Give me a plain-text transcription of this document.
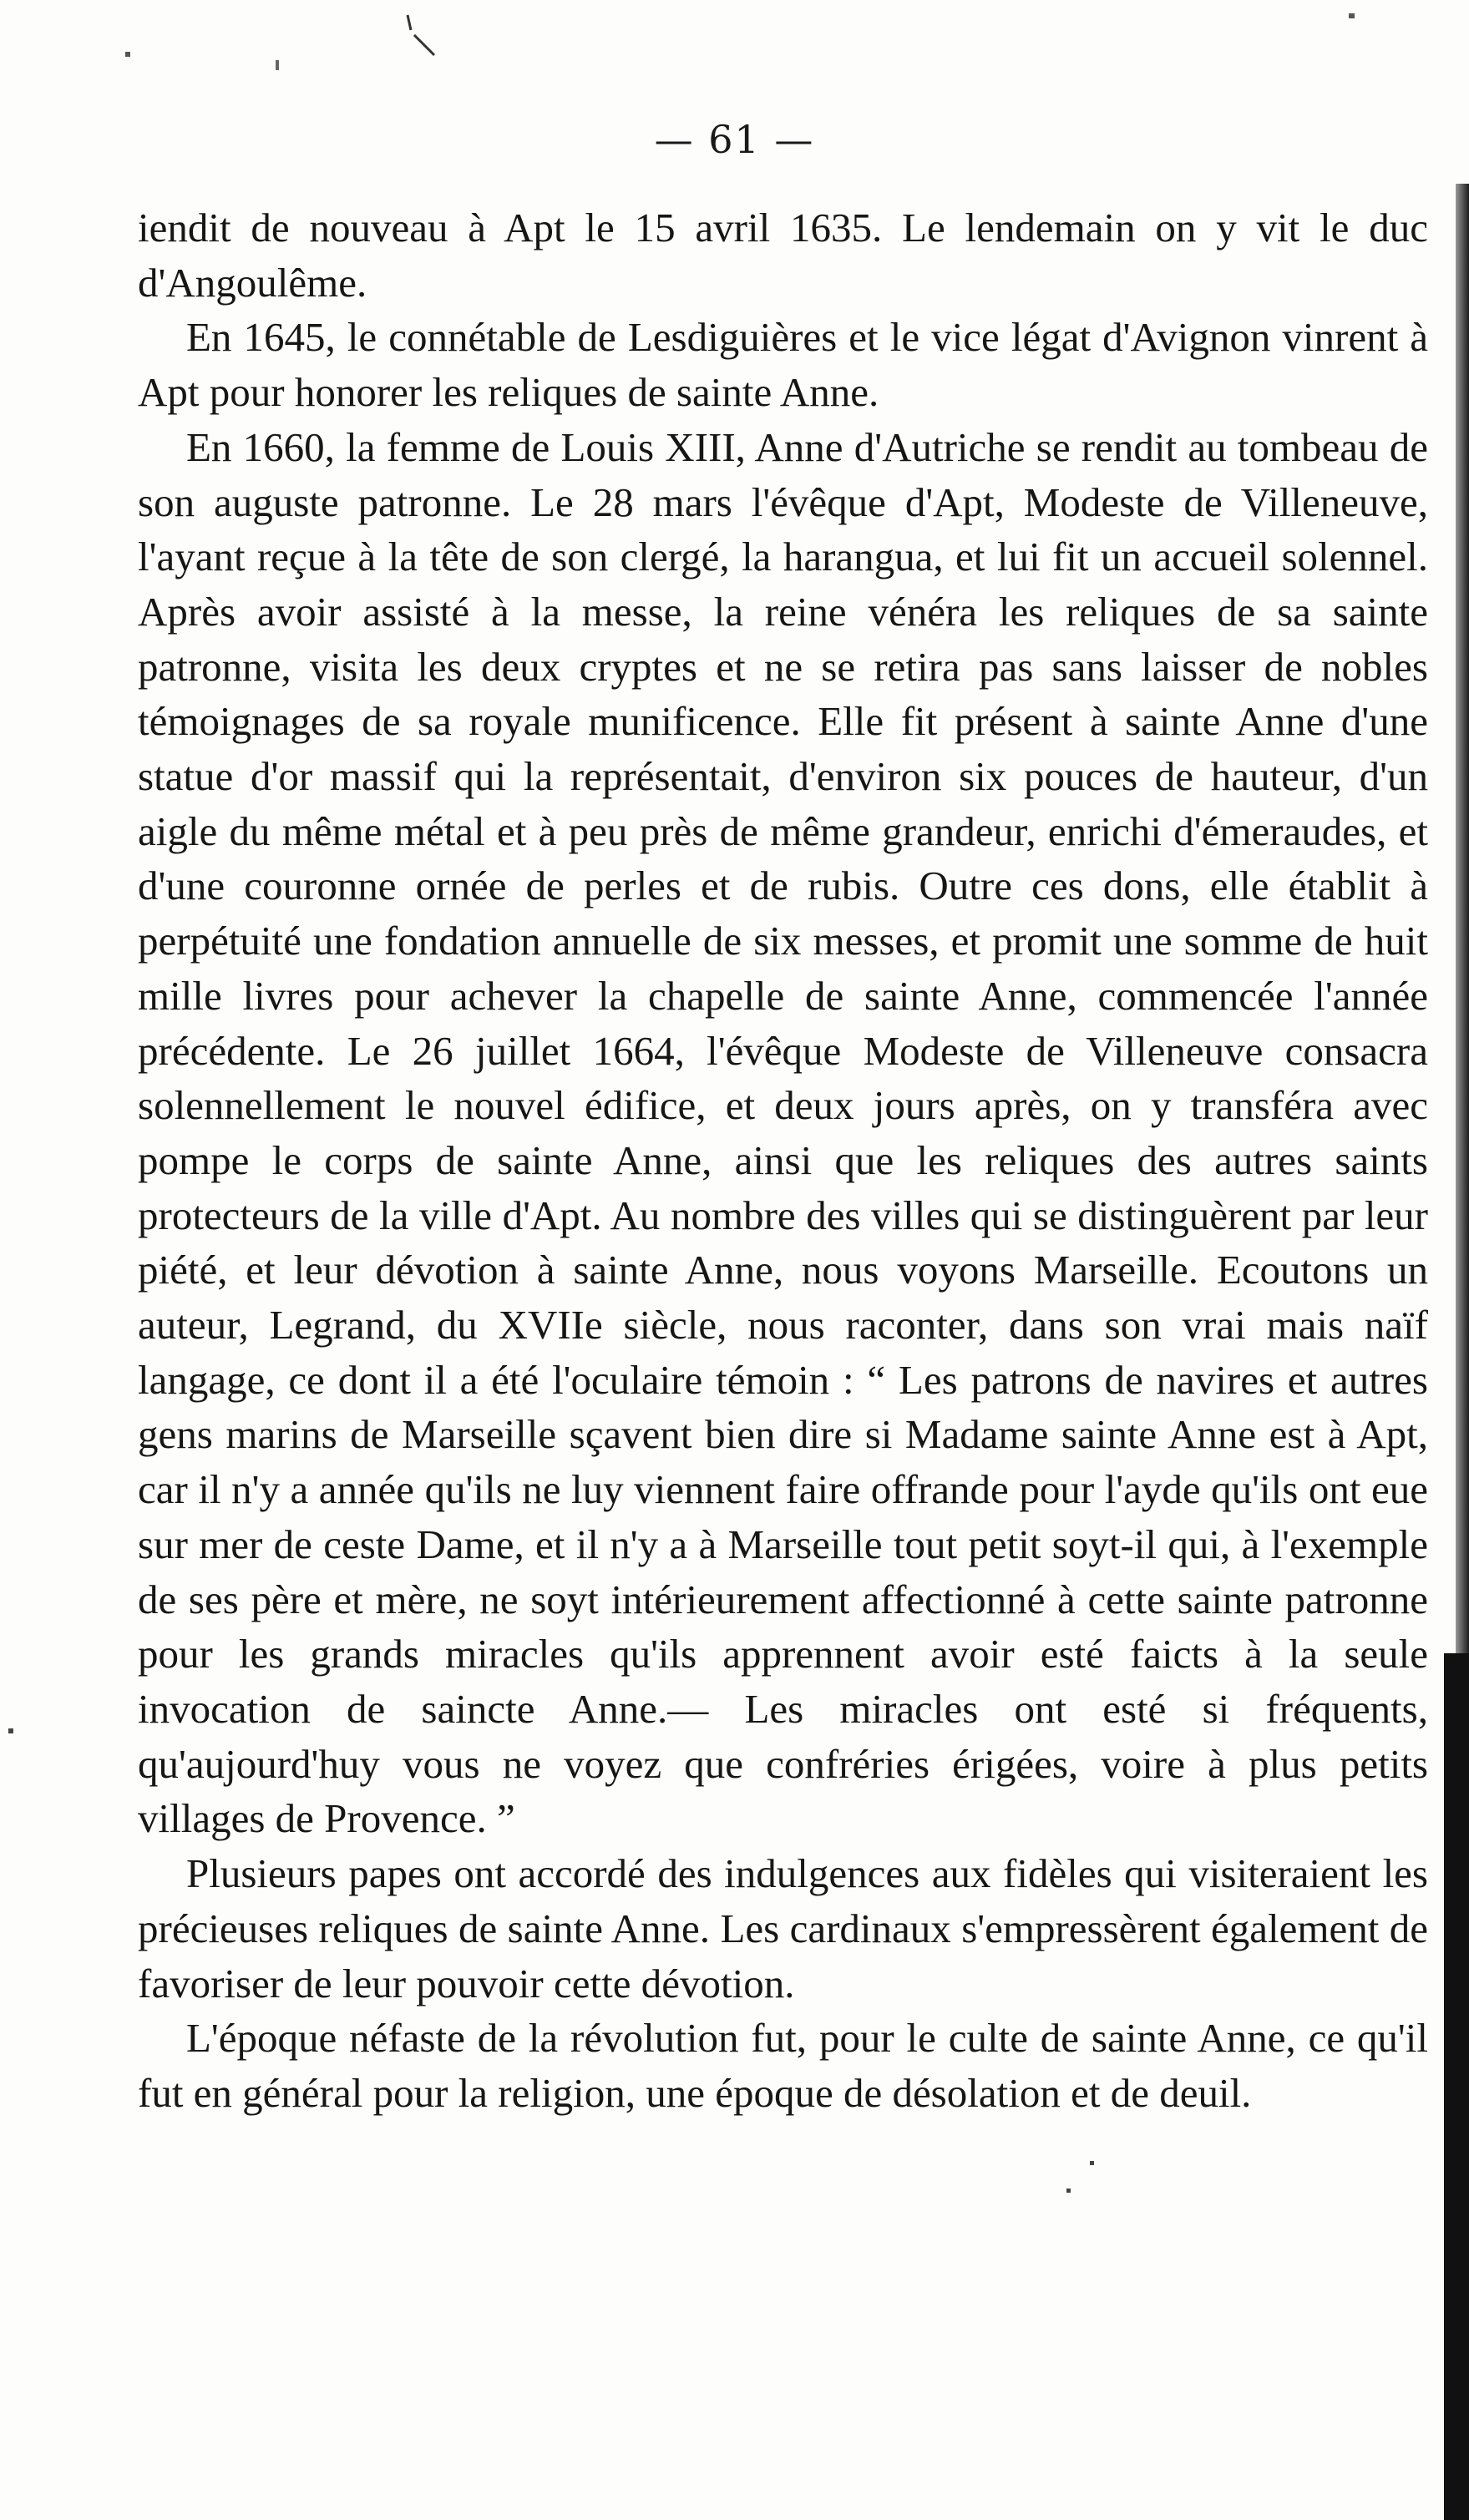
— 61 —

iendit de nouveau à Apt le 15 avril 1635. Le lendemain on y vit le duc d'Angoulême.

En 1645, le connétable de Lesdiguières et le vice légat d'Avignon vinrent à Apt pour honorer les reliques de sainte Anne.

En 1660, la femme de Louis XIII, Anne d'Autriche se rendit au tombeau de son auguste patronne. Le 28 mars l'évêque d'Apt, Modeste de Villeneuve, l'ayant reçue à la tête de son clergé, la harangua, et lui fit un accueil solennel. Après avoir assisté à la messe, la reine vénéra les reliques de sa sainte patronne, visita les deux cryptes et ne se retira pas sans laisser de nobles témoignages de sa royale munificence. Elle fit présent à sainte Anne d'une statue d'or massif qui la représentait, d'environ six pouces de hauteur, d'un aigle du même métal et à peu près de même grandeur, enrichi d'émeraudes, et d'une couronne ornée de perles et de rubis. Outre ces dons, elle établit à perpétuité une fondation annuelle de six messes, et promit une somme de huit mille livres pour achever la chapelle de sainte Anne, commencée l'année précédente. Le 26 juillet 1664, l'évêque Modeste de Villeneuve consacra solennellement le nouvel édifice, et deux jours après, on y transféra avec pompe le corps de sainte Anne, ainsi que les reliques des autres saints protecteurs de la ville d'Apt. Au nombre des villes qui se distinguèrent par leur piété, et leur dévotion à sainte Anne, nous voyons Marseille. Ecoutons un auteur, Legrand, du XVIIe siècle, nous raconter, dans son vrai mais naïf langage, ce dont il a été l'oculaire témoin : “ Les patrons de navires et autres gens marins de Marseille sçavent bien dire si Madame sainte Anne est à Apt, car il n'y a année qu'ils ne luy viennent faire offrande pour l'ayde qu'ils ont eue sur mer de ceste Dame, et il n'y a à Marseille tout petit soyt-il qui, à l'exemple de ses père et mère, ne soyt intérieurement affectionné à cette sainte patronne pour les grands miracles qu'ils apprennent avoir esté faicts à la seule invocation de saincte Anne.— Les miracles ont esté si fréquents, qu'aujourd'huy vous ne voyez que confréries érigées, voire à plus petits villages de Provence. ”

Plusieurs papes ont accordé des indulgences aux fidèles qui visiteraient les précieuses reliques de sainte Anne. Les cardinaux s'empressèrent également de favoriser de leur pouvoir cette dévotion.

L'époque néfaste de la révolution fut, pour le culte de sainte Anne, ce qu'il fut en général pour la religion, une époque de désolation et de deuil.
